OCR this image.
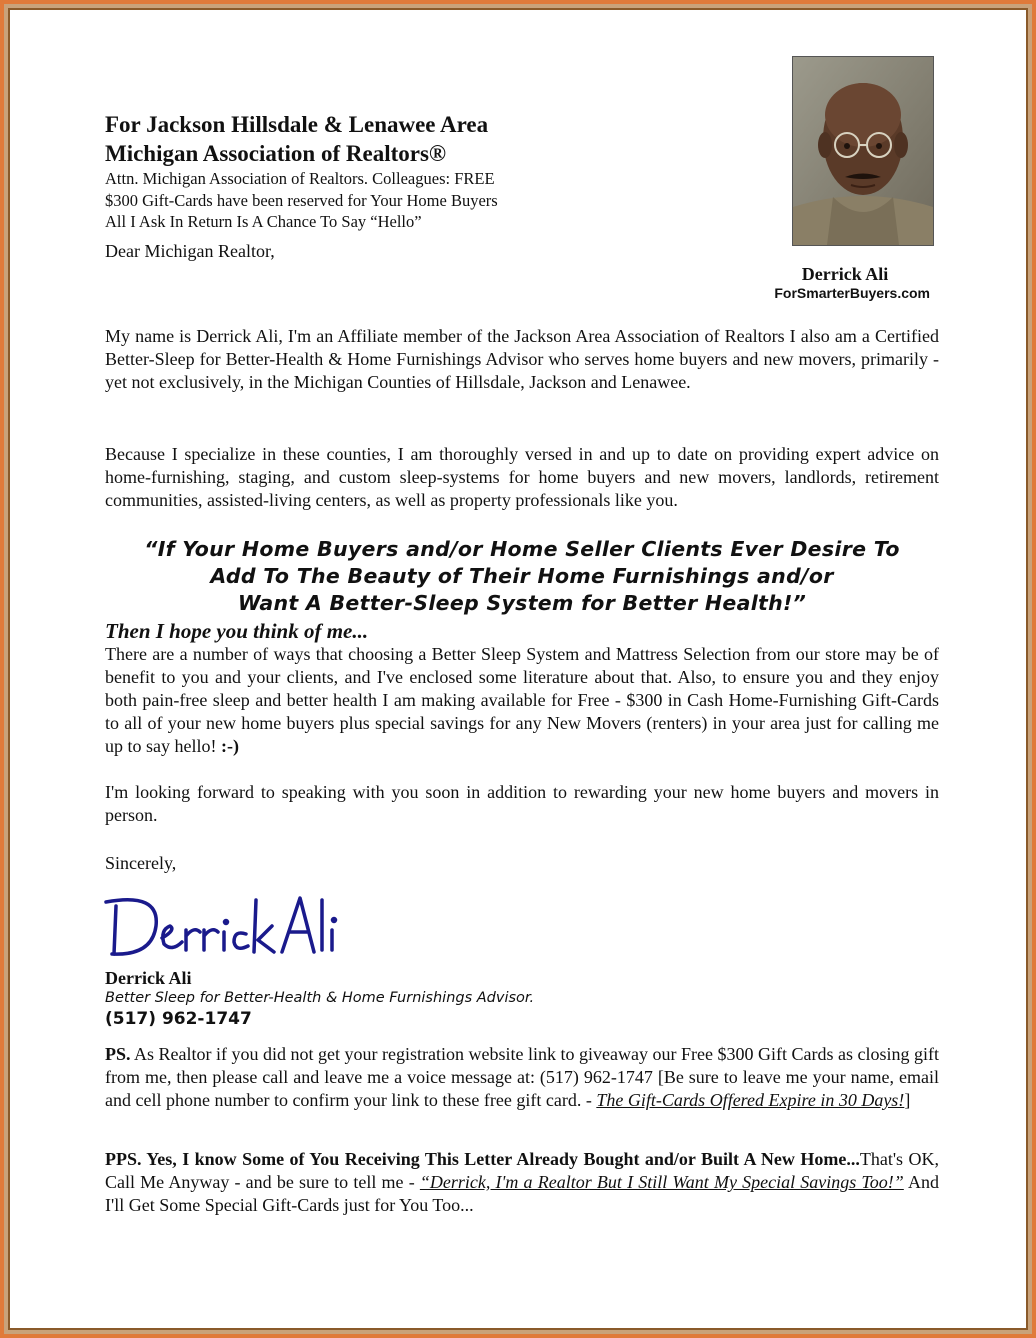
For Jackson Hillsdale & Lenawee Area
Michigan Association of Realtors®
Attn. Michigan Association of Realtors. Colleagues: FREE
$300 Gift-Cards have been reserved for Your Home Buyers
All I Ask In Return Is A Chance To Say “Hello”
Dear Michigan Realtor,
Derrick Ali
ForSmarterBuyers.com
My name is Derrick Ali, I'm an Affiliate member of the Jackson Area Association of Realtors I also am a Certified Better-Sleep for Better-Health & Home Furnishings Advisor who serves home buyers and new movers, primarily - yet not exclusively, in the Michigan Counties of Hillsdale, Jackson and Lenawee.
Because I specialize in these counties, I am thoroughly versed in and up to date on providing expert advice on home-furnishing, staging, and custom sleep-systems for home buyers and new movers, landlords, retirement communities, assisted-living centers, as well as property professionals like you.
“If Your Home Buyers and/or Home Seller Clients Ever Desire To
Add To The Beauty of Their Home Furnishings and/or
Want A Better-Sleep System for Better Health!”
Then I hope you think of me...
There are a number of ways that choosing a Better Sleep System and Mattress Selection from our store may be of benefit to you and your clients, and I've enclosed some literature about that. Also, to ensure you and they enjoy both pain-free sleep and better health I am making available for Free - $300 in Cash Home-Furnishing Gift-Cards to all of your new home buyers plus special savings for any New Movers (renters) in your area just for calling me up to say hello! :-)
I'm looking forward to speaking with you soon in addition to rewarding your new home buyers and movers in person.
Sincerely,
Derrick Ali
Better Sleep for Better-Health & Home Furnishings Advisor.
(517) 962-1747
PS. As Realtor if you did not get your registration website link to giveaway our Free $300 Gift Cards as closing gift from me, then please call and leave me a voice message at: (517) 962-1747 [Be sure to leave me your name, email and cell phone number to confirm your link to these free gift card. - The Gift-Cards Offered Expire in 30 Days!]
PPS. Yes, I know Some of You Receiving This Letter Already Bought and/or Built A New Home...That's OK, Call Me Anyway - and be sure to tell me - “Derrick, I'm a Realtor But I Still Want My Special Savings Too!” And I'll Get Some Special Gift-Cards just for You Too...
